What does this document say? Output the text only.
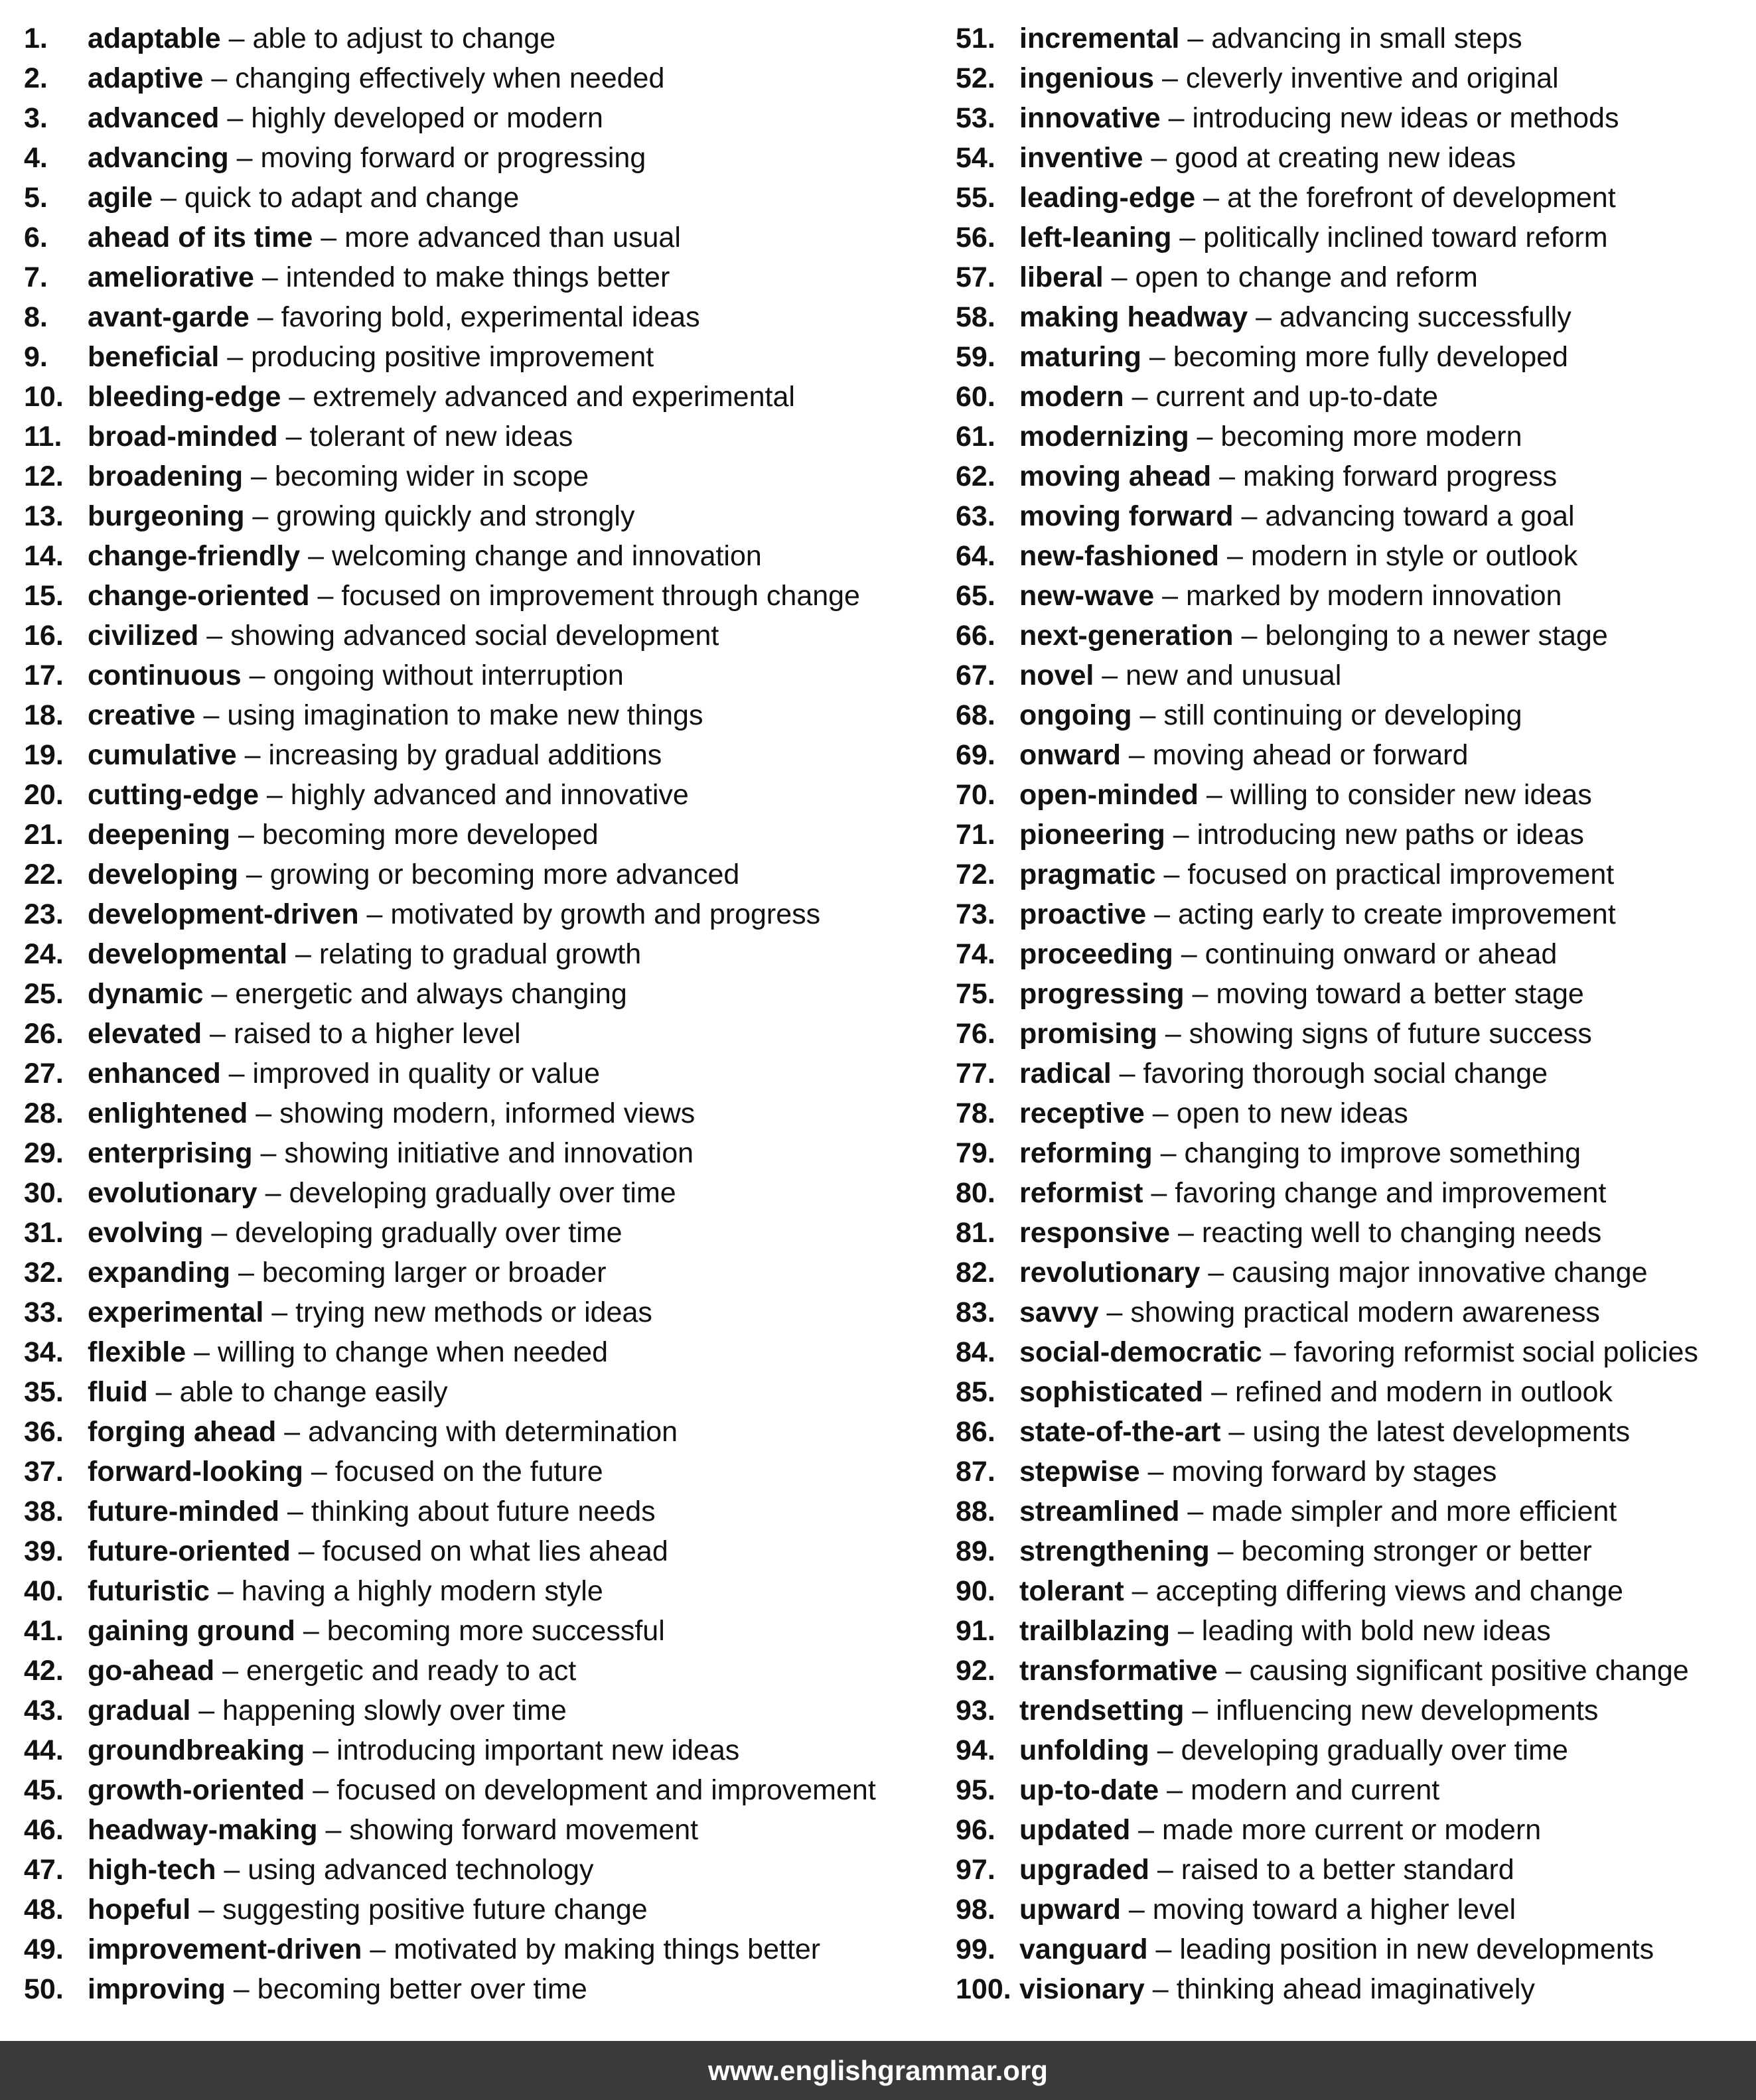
1. adaptable – able to adjust to change
2. adaptive – changing effectively when needed
3. advanced – highly developed or modern
4. advancing – moving forward or progressing
5. agile – quick to adapt and change
6. ahead of its time – more advanced than usual
7. ameliorative – intended to make things better
8. avant-garde – favoring bold, experimental ideas
9. beneficial – producing positive improvement
10. bleeding-edge – extremely advanced and experimental
11. broad-minded – tolerant of new ideas
12. broadening – becoming wider in scope
13. burgeoning – growing quickly and strongly
14. change-friendly – welcoming change and innovation
15. change-oriented – focused on improvement through change
16. civilized – showing advanced social development
17. continuous – ongoing without interruption
18. creative – using imagination to make new things
19. cumulative – increasing by gradual additions
20. cutting-edge – highly advanced and innovative
21. deepening – becoming more developed
22. developing – growing or becoming more advanced
23. development-driven – motivated by growth and progress
24. developmental – relating to gradual growth
25. dynamic – energetic and always changing
26. elevated – raised to a higher level
27. enhanced – improved in quality or value
28. enlightened – showing modern, informed views
29. enterprising – showing initiative and innovation
30. evolutionary – developing gradually over time
31. evolving – developing gradually over time
32. expanding – becoming larger or broader
33. experimental – trying new methods or ideas
34. flexible – willing to change when needed
35. fluid – able to change easily
36. forging ahead – advancing with determination
37. forward-looking – focused on the future
38. future-minded – thinking about future needs
39. future-oriented – focused on what lies ahead
40. futuristic – having a highly modern style
41. gaining ground – becoming more successful
42. go-ahead – energetic and ready to act
43. gradual – happening slowly over time
44. groundbreaking – introducing important new ideas
45. growth-oriented – focused on development and improvement
46. headway-making – showing forward movement
47. high-tech – using advanced technology
48. hopeful – suggesting positive future change
49. improvement-driven – motivated by making things better
50. improving – becoming better over time
51. incremental – advancing in small steps
52. ingenious – cleverly inventive and original
53. innovative – introducing new ideas or methods
54. inventive – good at creating new ideas
55. leading-edge – at the forefront of development
56. left-leaning – politically inclined toward reform
57. liberal – open to change and reform
58. making headway – advancing successfully
59. maturing – becoming more fully developed
60. modern – current and up-to-date
61. modernizing – becoming more modern
62. moving ahead – making forward progress
63. moving forward – advancing toward a goal
64. new-fashioned – modern in style or outlook
65. new-wave – marked by modern innovation
66. next-generation – belonging to a newer stage
67. novel – new and unusual
68. ongoing – still continuing or developing
69. onward – moving ahead or forward
70. open-minded – willing to consider new ideas
71. pioneering – introducing new paths or ideas
72. pragmatic – focused on practical improvement
73. proactive – acting early to create improvement
74. proceeding – continuing onward or ahead
75. progressing – moving toward a better stage
76. promising – showing signs of future success
77. radical – favoring thorough social change
78. receptive – open to new ideas
79. reforming – changing to improve something
80. reformist – favoring change and improvement
81. responsive – reacting well to changing needs
82. revolutionary – causing major innovative change
83. savvy – showing practical modern awareness
84. social-democratic – favoring reformist social policies
85. sophisticated – refined and modern in outlook
86. state-of-the-art – using the latest developments
87. stepwise – moving forward by stages
88. streamlined – made simpler and more efficient
89. strengthening – becoming stronger or better
90. tolerant – accepting differing views and change
91. trailblazing – leading with bold new ideas
92. transformative – causing significant positive change
93. trendsetting – influencing new developments
94. unfolding – developing gradually over time
95. up-to-date – modern and current
96. updated – made more current or modern
97. upgraded – raised to a better standard
98. upward – moving toward a higher level
99. vanguard – leading position in new developments
100. visionary – thinking ahead imaginatively
www.englishgrammar.org
